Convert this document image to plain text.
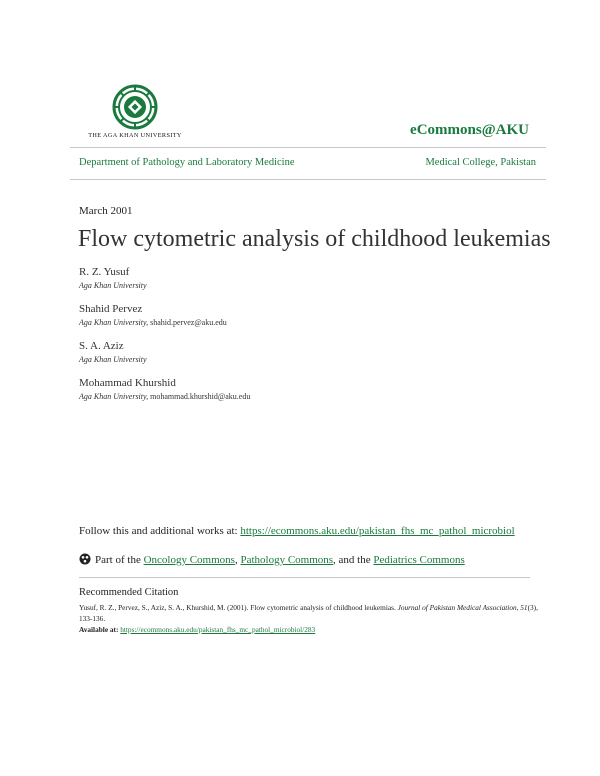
THE AGA KHAN UNIVERSITY	eCommons@AKU
Department of Pathology and Laboratory Medicine	Medical College, Pakistan
March 2001
Flow cytometric analysis of childhood leukemias
R. Z. Yusuf
Aga Khan University
Shahid Pervez
Aga Khan University, shahid.pervez@aku.edu
S. A. Aziz
Aga Khan University
Mohammad Khurshid
Aga Khan University, mohammad.khurshid@aku.edu
Follow this and additional works at: https://ecommons.aku.edu/pakistan_fhs_mc_pathol_microbiol
Part of the Oncology Commons, Pathology Commons, and the Pediatrics Commons
Recommended Citation
Yusuf, R. Z., Pervez, S., Aziz, S. A., Khurshid, M. (2001). Flow cytometric analysis of childhood leukemias. Journal of Pakistan Medical Association, 51(3), 133-136.
Available at: https://ecommons.aku.edu/pakistan_fhs_mc_pathol_microbiol/283
